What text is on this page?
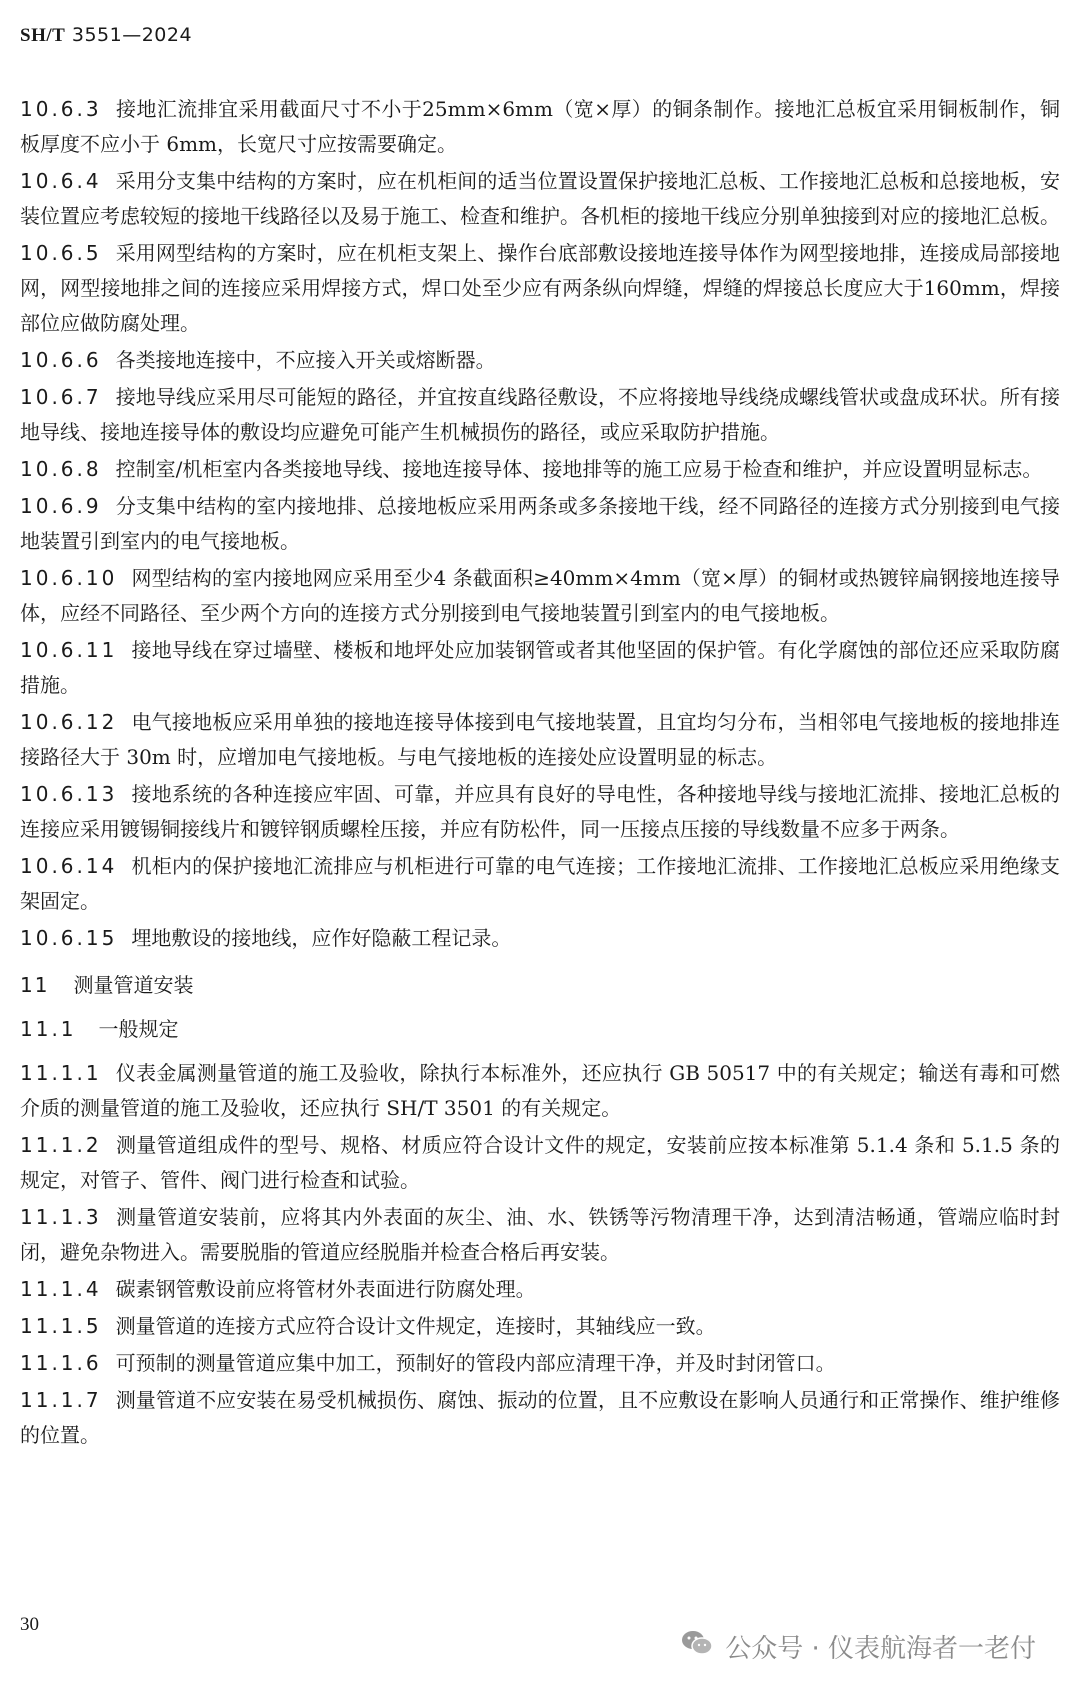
SH/T 3551—2024

10.6.3 接地汇流排宜采用截面尺寸不小于25mm×6mm（宽×厚）的铜条制作。接地汇总板宜采用铜板制作，铜板厚度不应小于 6mm，长宽尺寸应按需要确定。

10.6.4 采用分支集中结构的方案时，应在机柜间的适当位置设置保护接地汇总板、工作接地汇总板和总接地板，安装位置应考虑较短的接地干线路径以及易于施工、检查和维护。各机柜的接地干线应分别单独接到对应的接地汇总板。

10.6.5 采用网型结构的方案时，应在机柜支架上、操作台底部敷设接地连接导体作为网型接地排，连接成局部接地网，网型接地排之间的连接应采用焊接方式，焊口处至少应有两条纵向焊缝，焊缝的焊接总长度应大于160mm，焊接部位应做防腐处理。

10.6.6 各类接地连接中，不应接入开关或熔断器。

10.6.7 接地导线应采用尽可能短的路径，并宜按直线路径敷设，不应将接地导线绕成螺线管状或盘成环状。所有接地导线、接地连接导体的敷设均应避免可能产生机械损伤的路径，或应采取防护措施。

10.6.8 控制室/机柜室内各类接地导线、接地连接导体、接地排等的施工应易于检查和维护，并应设置明显标志。

10.6.9 分支集中结构的室内接地排、总接地板应采用两条或多条接地干线，经不同路径的连接方式分别接到电气接地装置引到室内的电气接地板。

10.6.10 网型结构的室内接地网应采用至少4 条截面积≥40mm×4mm（宽×厚）的铜材或热镀锌扁钢接地连接导体，应经不同路径、至少两个方向的连接方式分别接到电气接地装置引到室内的电气接地板。

10.6.11 接地导线在穿过墙壁、楼板和地坪处应加装钢管或者其他坚固的保护管。有化学腐蚀的部位还应采取防腐措施。

10.6.12 电气接地板应采用单独的接地连接导体接到电气接地装置，且宜均匀分布，当相邻电气接地板的接地排连接路径大于 30m 时，应增加电气接地板。与电气接地板的连接处应设置明显的标志。

10.6.13 接地系统的各种连接应牢固、可靠，并应具有良好的导电性，各种接地导线与接地汇流排、接地汇总板的连接应采用镀锡铜接线片和镀锌钢质螺栓压接，并应有防松件，同一压接点压接的导线数量不应多于两条。

10.6.14 机柜内的保护接地汇流排应与机柜进行可靠的电气连接；工作接地汇流排、工作接地汇总板应采用绝缘支架固定。

10.6.15 埋地敷设的接地线，应作好隐蔽工程记录。

11 测量管道安装
11.1 一般规定

11.1.1 仪表金属测量管道的施工及验收，除执行本标准外，还应执行 GB 50517 中的有关规定；输送有毒和可燃介质的测量管道的施工及验收，还应执行 SH/T 3501 的有关规定。

11.1.2 测量管道组成件的型号、规格、材质应符合设计文件的规定，安装前应按本标准第 5.1.4 条和 5.1.5 条的规定，对管子、管件、阀门进行检查和试验。

11.1.3 测量管道安装前，应将其内外表面的灰尘、油、水、铁锈等污物清理干净，达到清洁畅通，管端应临时封闭，避免杂物进入。需要脱脂的管道应经脱脂并检查合格后再安装。

11.1.4 碳素钢管敷设前应将管材外表面进行防腐处理。

11.1.5 测量管道的连接方式应符合设计文件规定，连接时，其轴线应一致。

11.1.6 可预制的测量管道应集中加工，预制好的管段内部应清理干净，并及时封闭管口。

11.1.7 测量管道不应安装在易受机械损伤、腐蚀、振动的位置，且不应敷设在影响人员通行和正常操作、维护维修的位置。

30
公众号 · 仪表航海者一老付
